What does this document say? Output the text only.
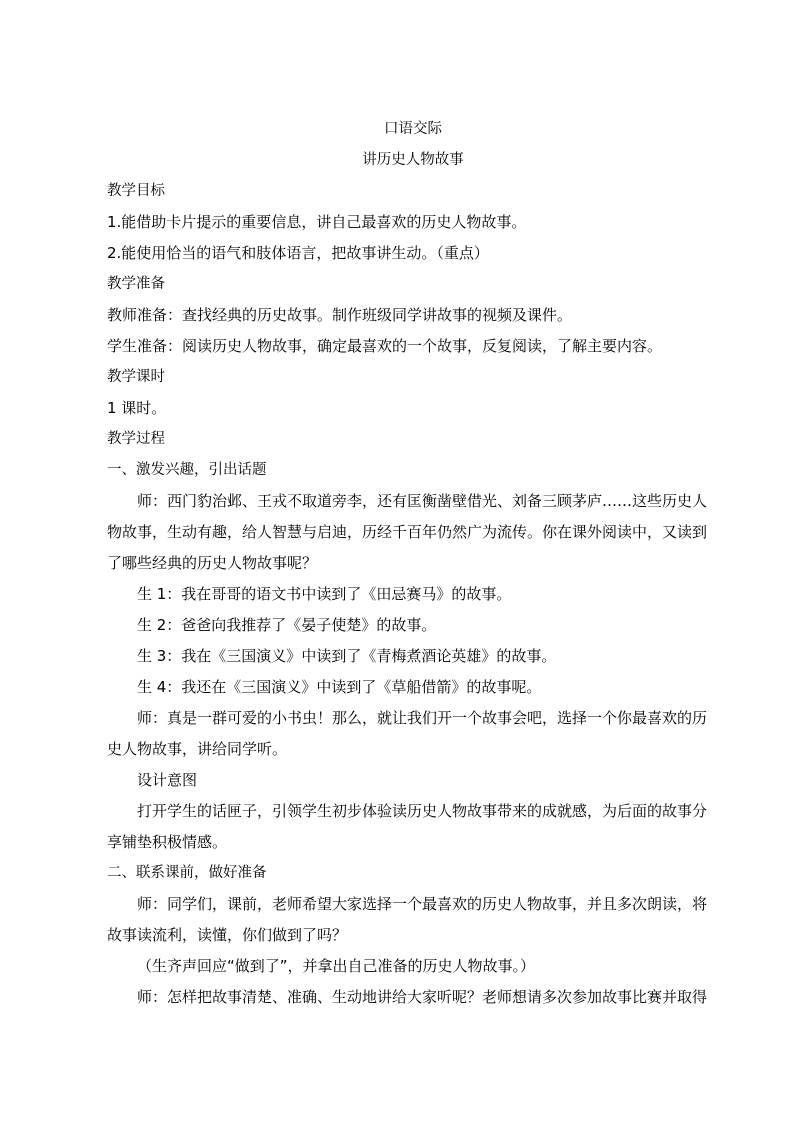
口语交际
讲历史人物故事
教学目标
1.能借助卡片提示的重要信息，讲自己最喜欢的历史人物故事。
2.能使用恰当的语气和肢体语言，把故事讲生动。（重点）
教学准备
教师准备：查找经典的历史故事。制作班级同学讲故事的视频及课件。
学生准备：阅读历史人物故事，确定最喜欢的一个故事，反复阅读，了解主要内容。
教学课时
1 课时。
教学过程
一、激发兴趣，引出话题
师：西门豹治邺、王戎不取道旁李，还有匡衡凿壁借光、刘备三顾茅庐……这些历史人物故事，生动有趣，给人智慧与启迪，历经千百年仍然广为流传。你在课外阅读中，又读到了哪些经典的历史人物故事呢？
生 1：我在哥哥的语文书中读到了《田忌赛马》的故事。
生 2：爸爸向我推荐了《晏子使楚》的故事。
生 3：我在《三国演义》中读到了《青梅煮酒论英雄》的故事。
生 4：我还在《三国演义》中读到了《草船借箭》的故事呢。
师：真是一群可爱的小书虫！那么，就让我们开一个故事会吧，选择一个你最喜欢的历史人物故事，讲给同学听。
设计意图
打开学生的话匣子，引领学生初步体验读历史人物故事带来的成就感，为后面的故事分享铺垫积极情感。
二、联系课前，做好准备
师：同学们，课前，老师希望大家选择一个最喜欢的历史人物故事，并且多次朗读，将故事读流利，读懂，你们做到了吗？
（生齐声回应“做到了”，并拿出自己准备的历史人物故事。）
师：怎样把故事清楚、准确、生动地讲给大家听呢？老师想请多次参加故事比赛并取得
